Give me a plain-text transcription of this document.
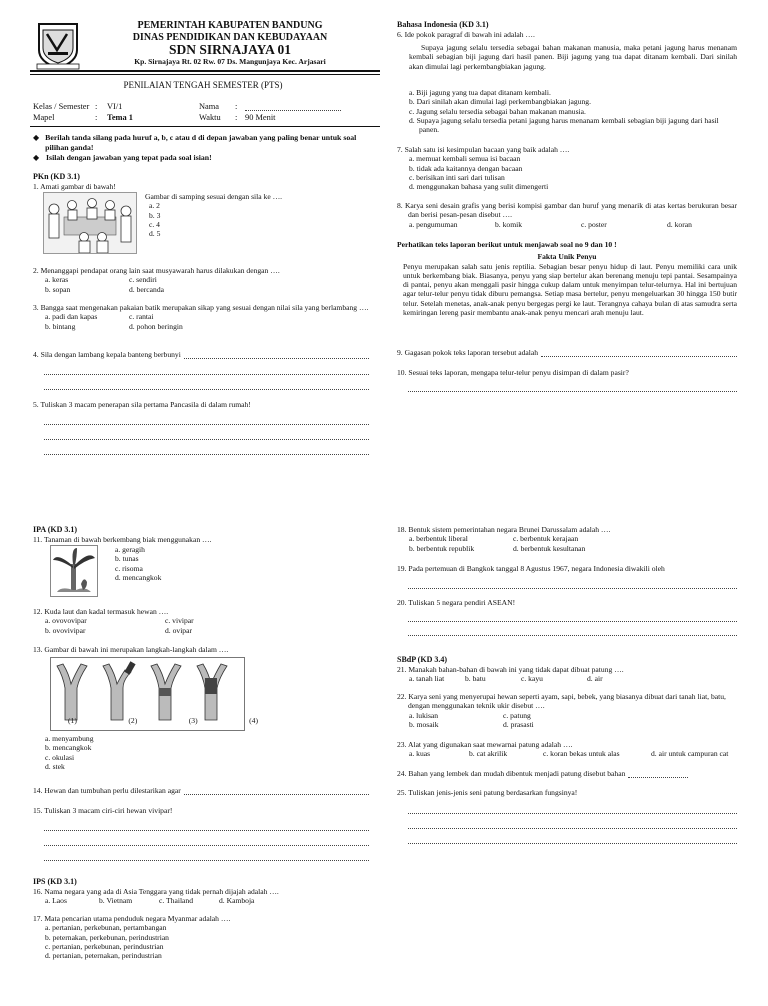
PEMERINTAH KABUPATEN BANDUNG
DINAS PENDIDIKAN DAN KEBUDAYAAN
SDN SIRNAJAYA 01
Kp. Sirnajaya Rt. 02 Rw. 07 Ds. Mangunjaya Kec. Arjasari
PENILAIAN TENGAH SEMESTER (PTS)
Kelas / Semester :	VI/1	Nama	:
Mapel	:	Tema 1	Waktu	: 90 Menit
◆ Berilah tanda silang pada huruf a, b, c atau d di depan jawaban yang paling benar untuk soal pilihan ganda!
◆ Isilah dengan jawaban yang tepat pada soal isian!
PKn (KD 3.1)
1. Amati gambar di bawah!
Gambar di samping sesuai dengan sila ke ….
a. 2
b. 3
c. 4
d. 5
2. Menanggapi pendapat orang lain saat musyawarah harus dilakukan dengan ….
a. keras	c. sendiri
b. sopan	d. bercanda
3. Bangga saat mengenakan pakaian batik merupakan sikap yang sesuai dengan nilai sila yang berlambang ….
a. padi dan kapas	c. rantai
b. bintang	d. pohon beringin
4. Sila dengan lambang kepala banteng berbunyi
5. Tuliskan 3 macam penerapan sila pertama Pancasila di dalam rumah!
IPA (KD 3.1)
11. Tanaman di bawah berkembang biak menggunakan ….
a. geragih
b. tunas
c. risoma
d. mencangkok
12. Kuda laut dan kadal termasuk hewan ….
a. ovovovipar	c. vivipar
b. ovovivipar	d. ovipar
13. Gambar di bawah ini merupakan langkah-langkah dalam ….
(1)	(2)	(3)	(4)
a. menyambung
b. mencangkok
c. okulasi
d. stek
14. Hewan dan tumbuhan perlu dilestarikan agar
15. Tuliskan 3 macam ciri-ciri hewan vivipar!
IPS (KD 3.1)
16. Nama negara yang ada di Asia Tenggara yang tidak pernah dijajah adalah ….
a. Laos	b. Vietnam	c. Thailand	d. Kamboja
17. Mata pencarian utama penduduk negara Myanmar adalah ….
a. pertanian, perkebunan, pertambangan
b. peternakan, perkebunan, perindustrian
c. pertanian, perkebunan, perindustrian
d. pertanian, peternakan, perindustrian
Bahasa Indonesia (KD 3.1)
6. Ide pokok paragraf di bawah ini adalah ….
Supaya jagung selalu tersedia sebagai bahan makanan manusia, maka petani jagung harus menanam kembali sebagian biji jagung dari hasil panen. Biji jagung yang tua dapat ditanam kembali. Dari sinilah akan dimulai lagi perkembangbiakan jagung.
a. Biji jagung yang tua dapat ditanam kembali.
b. Dari sinilah akan dimulai lagi perkembangbiakan jagung.
c. Jagung selalu tersedia sebagai bahan makanan manusia.
d. Supaya jagung selalu tersedia petani jagung harus menanam kembali sebagian biji jagung dari hasil panen.
7. Salah satu isi kesimpulan bacaan yang baik adalah ….
a. memuat kembali semua isi bacaan
b. tidak ada kaitannya dengan bacaan
c. berisikan inti sari dari tulisan
d. menggunakan bahasa yang sulit dimengerti
8. Karya seni desain grafis yang berisi kompisi gambar dan huruf yang menarik di atas kertas berukuran besar dan berisi pesan-pesan disebut ….
a. pengumuman	b. komik	c. poster	d. koran
Perhatikan teks laporan berikut untuk menjawab soal no 9 dan 10 !
Fakta Unik Penyu
Penyu merupakan salah satu jenis reptilia. Sebagian besar penyu hidup di laut. Penyu memiliki cara unik untuk berkembang biak. Biasanya, penyu yang siap bertelur akan berenang menuju tepi pantai. Sesampainya di pantai, penyu akan menggali pasir hingga cukup dalam untuk menyimpan telur-telurnya. Hal ini bertujuan agar telur-telur penyu tidak diburu pemangsa. Setiap masa bertelur, penyu mengeluarkan 30 hingga 150 butir telur. Setelah menetas, anak-anak penyu bergegas pergi ke laut. Terangnya cahaya bulan di atas samudra serta kemiringan lereng pasir membantu anak-anak penyu mencari arah menuju laut.
9. Gagasan pokok teks laporan tersebut adalah
10. Sesuai teks laporan, mengapa telur-telur penyu disimpan di dalam pasir?
18. Bentuk sistem pemerintahan negara Brunei Darussalam adalah ….
a. berbentuk liberal	c. berbentuk kerajaan
b. berbentuk republik	d. berbentuk kesultanan
19. Pada pertemuan di Bangkok tanggal 8 Agustus 1967, negara Indonesia diwakili oleh
20. Tuliskan 5 negara pendiri ASEAN!
SBdP (KD 3.4)
21. Manakah bahan-bahan di bawah ini yang tidak dapat dibuat patung ….
a. tanah liat	b. batu	c. kayu	d. air
22. Karya seni yang menyerupai hewan seperti ayam, sapi, bebek, yang biasanya dibuat dari tanah liat, batu, dengan menggunakan teknik ukir disebut ….
a. lukisan	c. patung
b. mosaik	d. prasasti
23. Alat yang digunakan saat mewarnai patung adalah ….
a. kuas	b. cat akrilik	c. koran bekas untuk alas	d. air untuk campuran cat
24. Bahan yang lembek dan mudah dibentuk menjadi patung disebut bahan
25. Tuliskan jenis-jenis seni patung berdasarkan fungsinya!
